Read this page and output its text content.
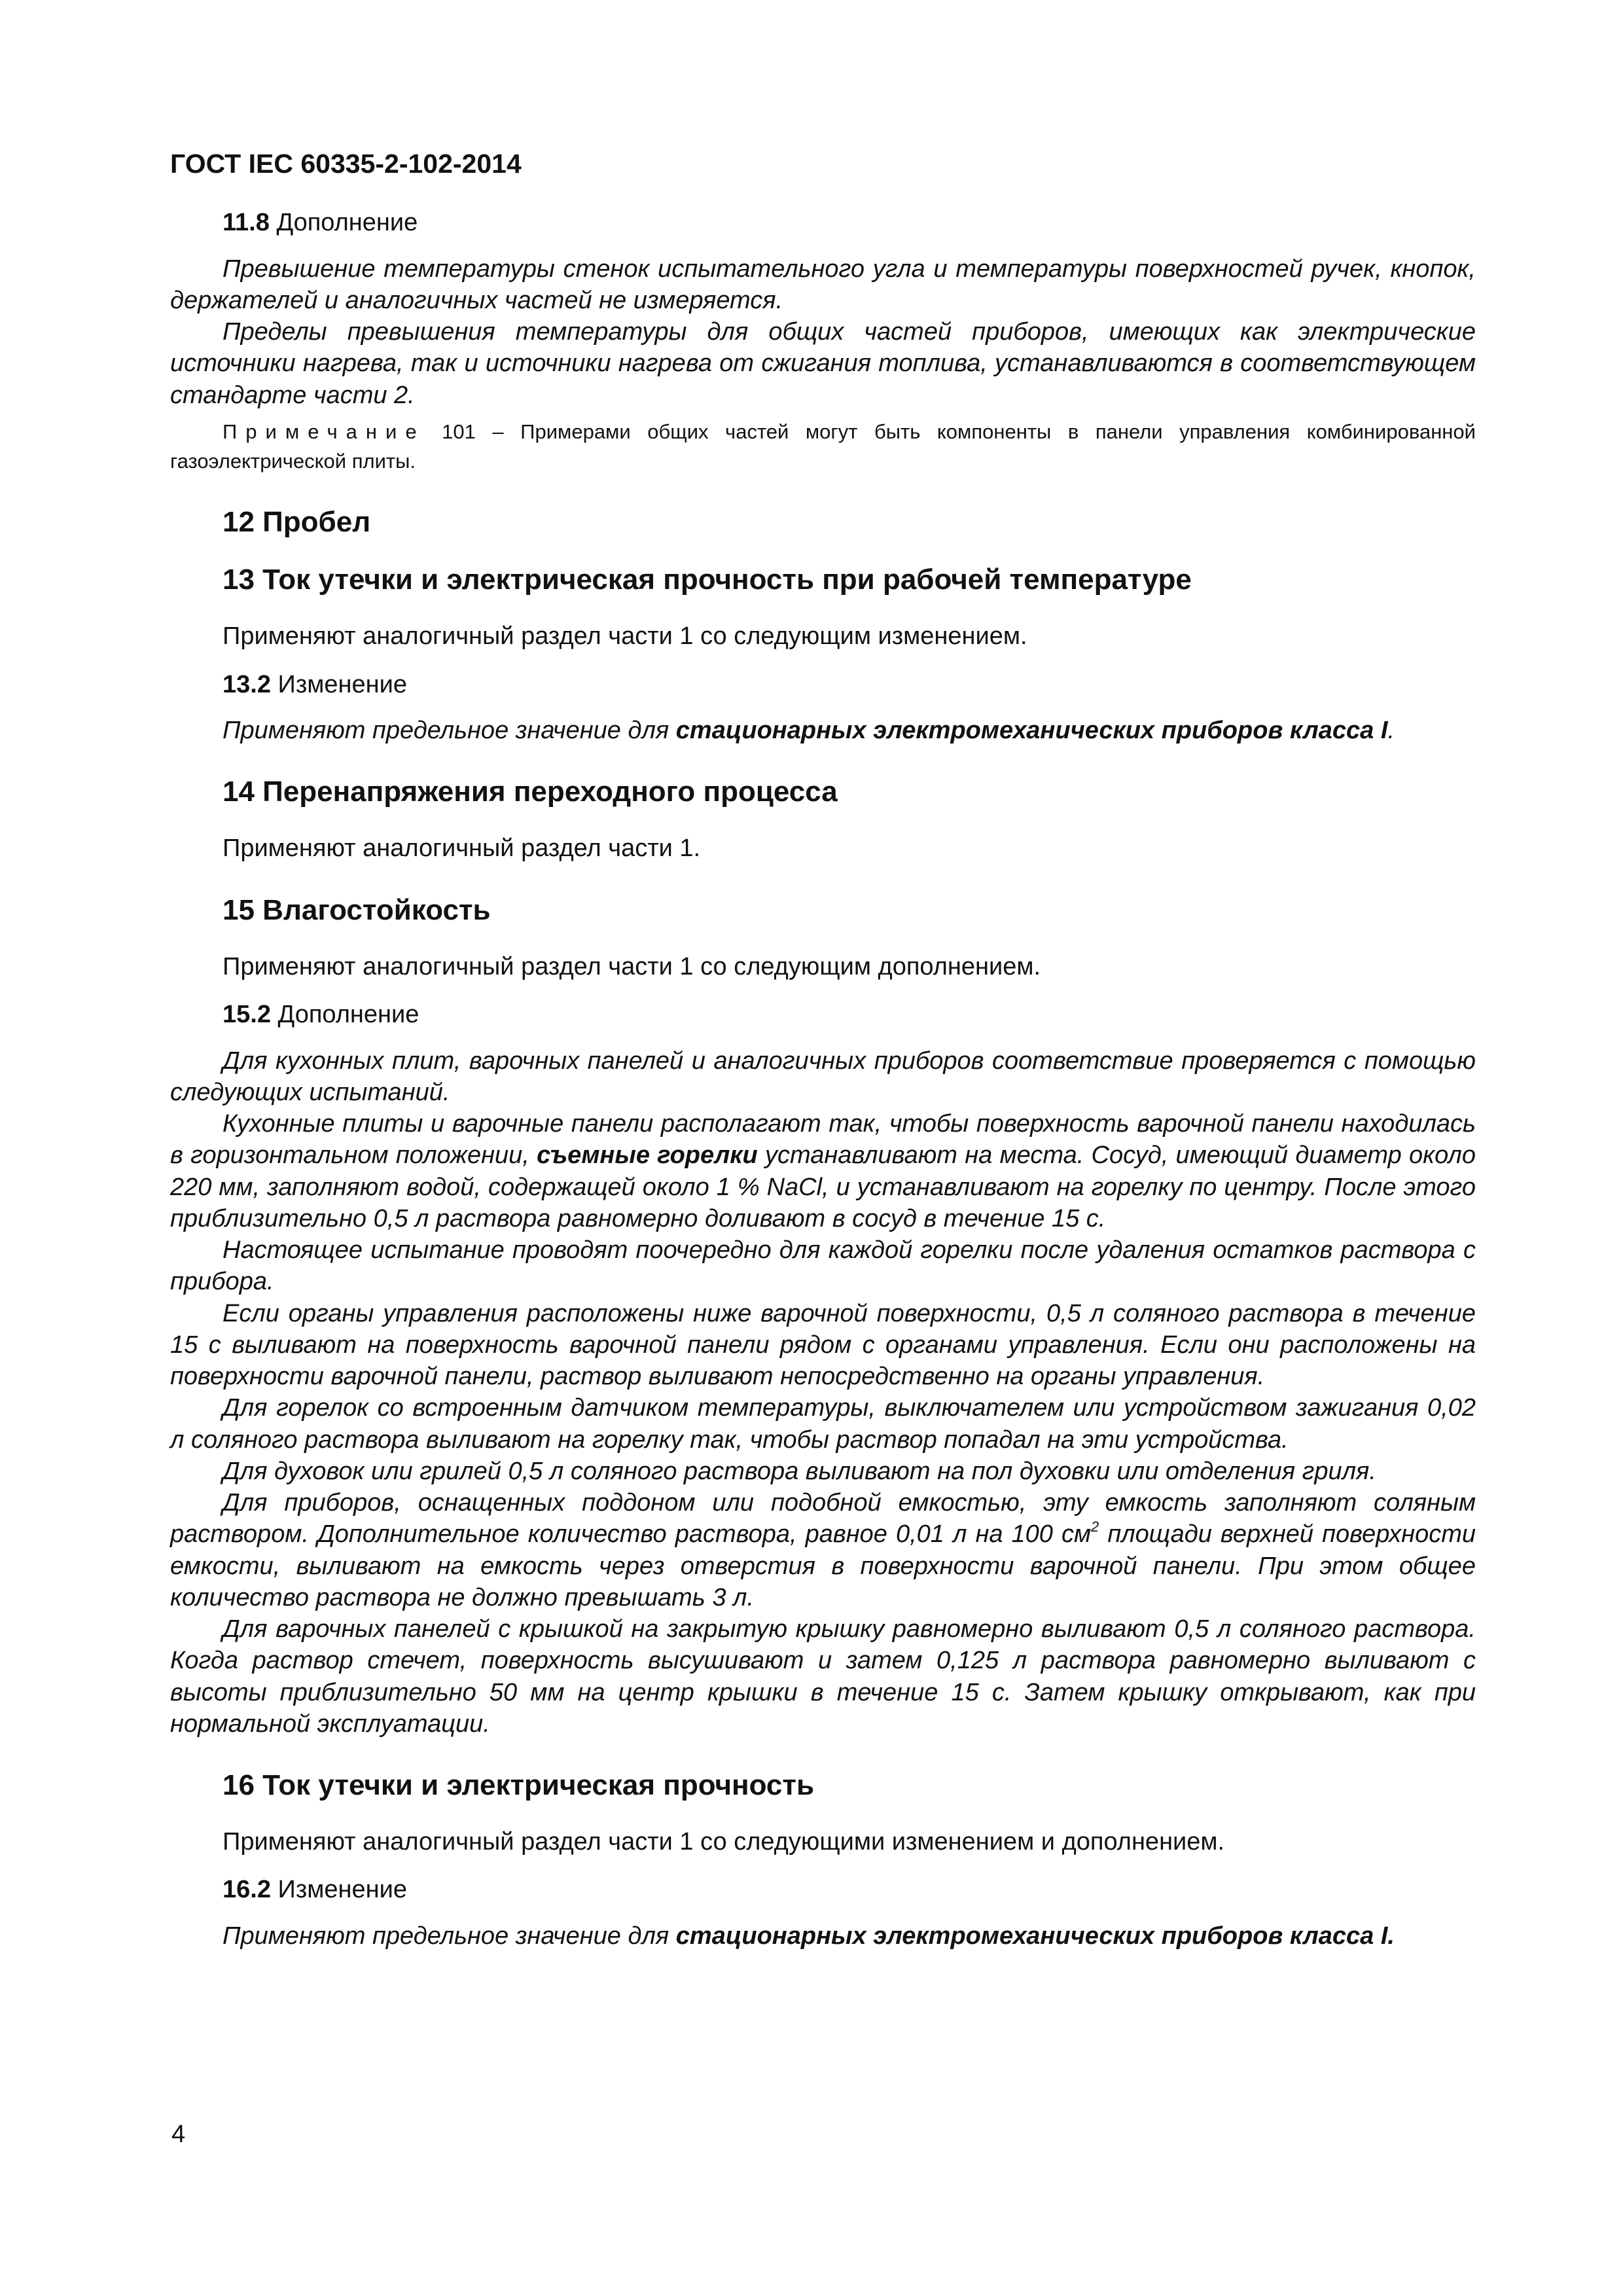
ГОСТ IEC 60335-2-102-2014

11.8 Дополнение

Превышение температуры стенок испытательного угла и температуры поверхностей ручек, кнопок, держателей и аналогичных частей не измеряется.

Пределы превышения температуры для общих частей приборов, имеющих как электрические источники нагрева, так и источники нагрева от сжигания топлива, устанавливаются в соответствующем стандарте части 2.

Примечание 101 – Примерами общих частей могут быть компоненты в панели управления комбинированной газоэлектрической плиты.

12 Пробел
13 Ток утечки и электрическая прочность при рабочей температуре

Применяют аналогичный раздел части 1 со следующим изменением.

13.2 Изменение

Применяют предельное значение для стационарных электромеханических приборов класса I.

14 Перенапряжения переходного процесса

Применяют аналогичный раздел части 1.

15 Влагостойкость

Применяют аналогичный раздел части 1 со следующим дополнением.

15.2 Дополнение

Для кухонных плит, варочных панелей и аналогичных приборов соответствие проверяется с помощью следующих испытаний.

Кухонные плиты и варочные панели располагают так, чтобы поверхность варочной панели находилась в горизонтальном положении, съемные горелки устанавливают на места. Сосуд, имеющий диаметр около 220 мм, заполняют водой, содержащей около 1 % NaCl, и устанавливают на горелку по центру. После этого приблизительно 0,5 л раствора равномерно доливают в сосуд в течение 15 с.

Настоящее испытание проводят поочередно для каждой горелки после удаления остатков раствора с прибора.

Если органы управления расположены ниже варочной поверхности, 0,5 л соляного раствора в течение 15 с выливают на поверхность варочной панели рядом с органами управления. Если они расположены на поверхности варочной панели, раствор выливают непосредственно на органы управления.

Для горелок со встроенным датчиком температуры, выключателем или устройством зажигания 0,02 л соляного раствора выливают на горелку так, чтобы раствор попадал на эти устройства.

Для духовок или грилей 0,5 л соляного раствора выливают на пол духовки или отделения гриля.

Для приборов, оснащенных поддоном или подобной емкостью, эту емкость заполняют соляным раствором. Дополнительное количество раствора, равное 0,01 л на 100 $см^2$ площади верхней поверхности емкости, выливают на емкость через отверстия в поверхности варочной панели. При этом общее количество раствора не должно превышать 3 л.

Для варочных панелей с крышкой на закрытую крышку равномерно выливают 0,5 л соляного раствора. Когда раствор стечет, поверхность высушивают и затем 0,125 л раствора равномерно выливают с высоты приблизительно 50 мм на центр крышки в течение 15 с. Затем крышку открывают, как при нормальной эксплуатации.

16 Ток утечки и электрическая прочность

Применяют аналогичный раздел части 1 со следующими изменением и дополнением.

16.2 Изменение

Применяют предельное значение для стационарных электромеханических приборов класса I.

4
